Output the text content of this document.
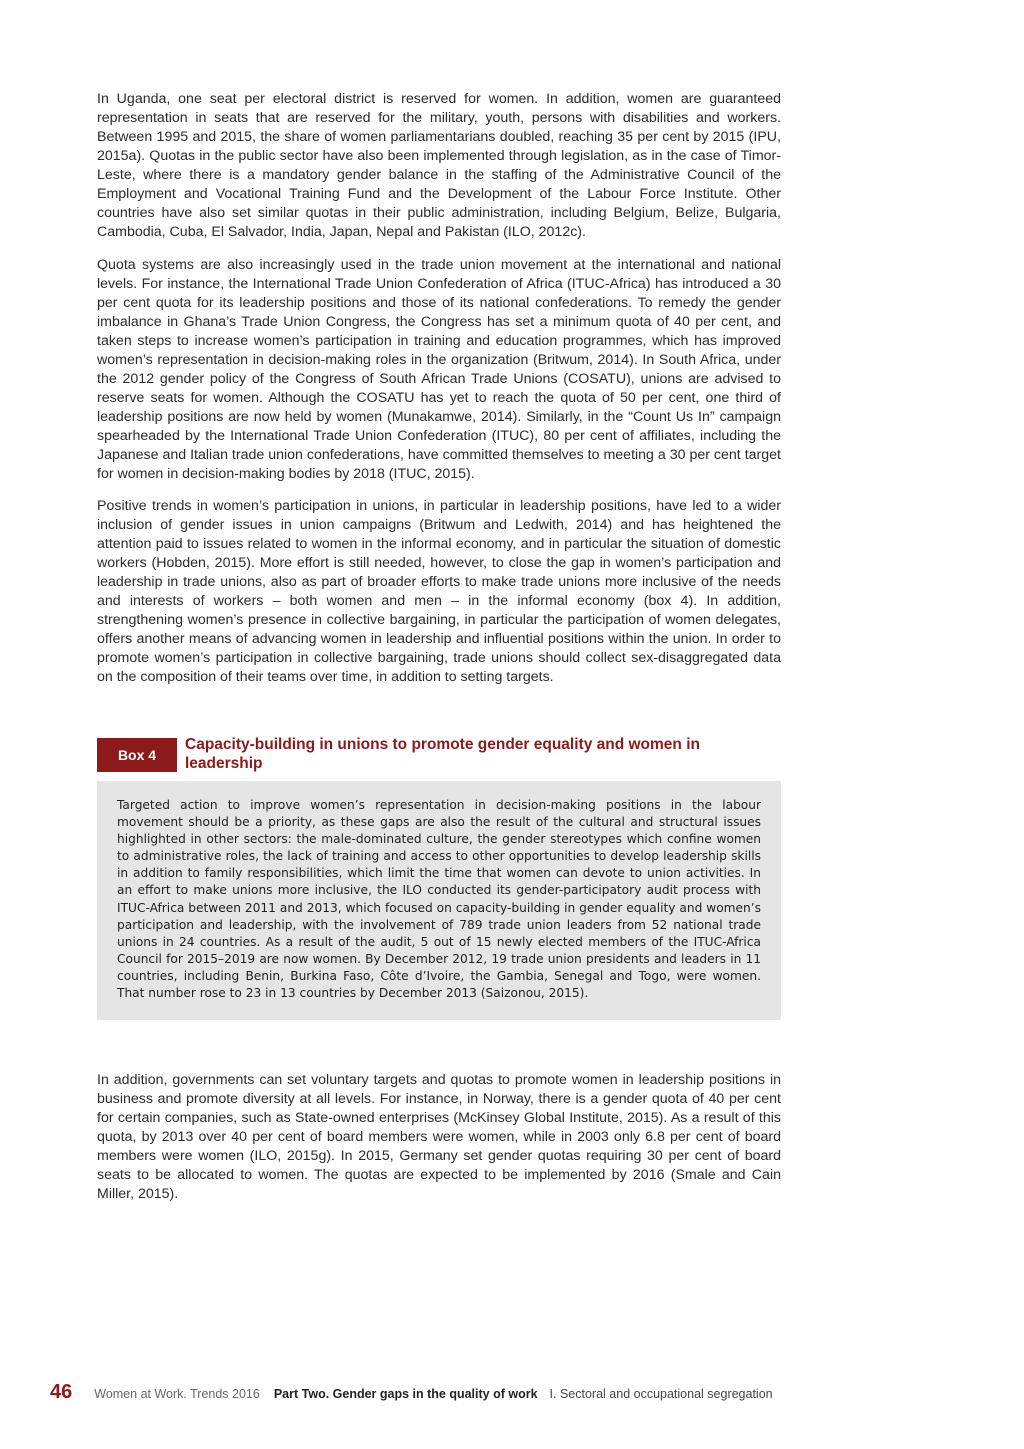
In Uganda, one seat per electoral district is reserved for women. In addition, women are guaranteed representation in seats that are reserved for the military, youth, persons with disabilities and workers. Between 1995 and 2015, the share of women parliamentarians doubled, reaching 35 per cent by 2015 (IPU, 2015a). Quotas in the public sector have also been implemented through legislation, as in the case of Timor-Leste, where there is a mandatory gender balance in the staffing of the Administrative Council of the Employment and Vocational Training Fund and the Development of the Labour Force Institute. Other countries have also set similar quotas in their public administration, including Belgium, Belize, Bulgaria, Cambodia, Cuba, El Salvador, India, Japan, Nepal and Pakistan (ILO, 2012c).

Quota systems are also increasingly used in the trade union movement at the international and national levels. For instance, the International Trade Union Confederation of Africa (ITUC-Africa) has introduced a 30 per cent quota for its leadership positions and those of its national confederations. To remedy the gender imbalance in Ghana’s Trade Union Congress, the Congress has set a minimum quota of 40 per cent, and taken steps to increase women’s participation in training and education programmes, which has improved women’s representation in decision-making roles in the organization (Britwum, 2014). In South Africa, under the 2012 gender policy of the Congress of South African Trade Unions (COSATU), unions are advised to reserve seats for women. Although the COSATU has yet to reach the quota of 50 per cent, one third of leadership positions are now held by women (Munakamwe, 2014). Similarly, in the “Count Us In” campaign spearheaded by the International Trade Union Confederation (ITUC), 80 per cent of affiliates, including the Japanese and Italian trade union confederations, have committed themselves to meeting a 30 per cent target for women in decision-making bodies by 2018 (ITUC, 2015).

Positive trends in women’s participation in unions, in particular in leadership positions, have led to a wider inclusion of gender issues in union campaigns (Britwum and Ledwith, 2014) and has heightened the attention paid to issues related to women in the informal economy, and in particular the situation of domestic workers (Hobden, 2015). More effort is still needed, however, to close the gap in women’s participation and leadership in trade unions, also as part of broader efforts to make trade unions more inclusive of the needs and interests of workers – both women and men – in the informal economy (box 4). In addition, strengthening women’s presence in collective bargaining, in particular the participation of women delegates, offers another means of advancing women in leadership and influential positions within the union. In order to promote women’s participation in collective bargaining, trade unions should collect sex-disaggregated data on the composition of their teams over time, in addition to setting targets.

Box 4
Capacity-building in unions to promote gender equality and women in leadership

Targeted action to improve women’s representation in decision-making positions in the labour movement should be a priority, as these gaps are also the result of the cultural and structural issues highlighted in other sectors: the male-dominated culture, the gender stereotypes which confine women to administrative roles, the lack of training and access to other opportunities to develop leadership skills in addition to family responsibilities, which limit the time that women can devote to union activities. In an effort to make unions more inclusive, the ILO conducted its gender-participatory audit process with ITUC-Africa between 2011 and 2013, which focused on capacity-building in gender equality and women’s participation and leadership, with the involvement of 789 trade union leaders from 52 national trade unions in 24 countries. As a result of the audit, 5 out of 15 newly elected members of the ITUC-Africa Council for 2015–2019 are now women. By December 2012, 19 trade union presidents and leaders in 11 countries, including Benin, Burkina Faso, Côte d’Ivoire, the Gambia, Senegal and Togo, were women. That number rose to 23 in 13 countries by December 2013 (Saizonou, 2015).

In addition, governments can set voluntary targets and quotas to promote women in leadership positions in business and promote diversity at all levels. For instance, in Norway, there is a gender quota of 40 per cent for certain companies, such as State-owned enterprises (McKinsey Global Institute, 2015). As a result of this quota, by 2013 over 40 per cent of board members were women, while in 2003 only 6.8 per cent of board members were women (ILO, 2015g). In 2015, Germany set gender quotas requiring 30 per cent of board seats to be allocated to women. The quotas are expected to be implemented by 2016 (Smale and Cain Miller, 2015).

46 Women at Work. Trends 2016 Part Two. Gender gaps in the quality of work I. Sectoral and occupational segregation
